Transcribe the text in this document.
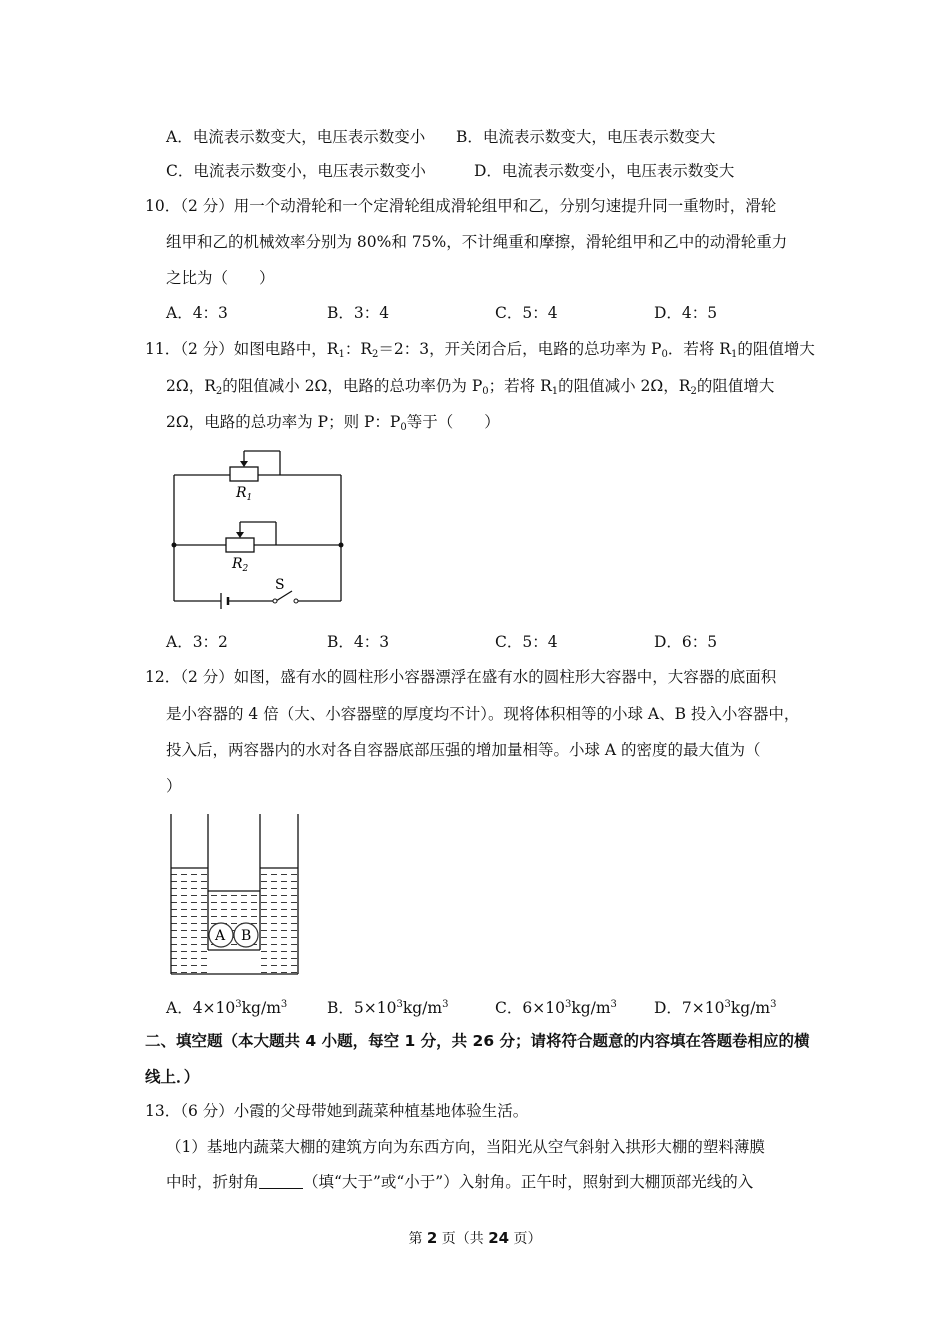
A．电流表示数变大，电压表示数变小 B．电流表示数变大，电压表示数变大
C．电流表示数变小，电压表示数变小	D．电流表示数变小，电压表示数变大
10．（2 分）用一个动滑轮和一个定滑轮组成滑轮组甲和乙，分别匀速提升同一重物时，滑轮
组甲和乙的机械效率分别为 80%和 75%，不计绳重和摩擦，滑轮组甲和乙中的动滑轮重力
之比为（　　）
A．4：3	B．3：4	C．5：4	D．4：5
11．（2 分）如图电路中，$R_1$：$R_2=2$：3，开关闭合后，电路的总功率为 $P_0$．若将 $R_1$的阻值增大
2Ω，$R_2$的阻值减小 2Ω，电路的总功率仍为 $P_0$；若将 $R_1$的阻值减小 2Ω，$R_2$的阻值增大
2Ω，电路的总功率为 P；则 P：$P_0$等于（　　）
$R_1$
$R_2$
S
A．3：2	B．4：3	C．5：4	D．6：5
12．（2 分）如图，盛有水的圆柱形小容器漂浮在盛有水的圆柱形大容器中，大容器的底面积
是小容器的 4 倍（大、小容器壁的厚度均不计）。现将体积相等的小球 A、B 投入小容器中，
投入后，两容器内的水对各自容器底部压强的增加量相等。小球 A 的密度的最大值为（
）
A B
A．$4\times 10^3kg/m^3$	B．$5\times 10^3kg/m^3$	C．$6\times 10^3kg/m^3$ D．$7\times 10^3kg/m^3$
二、填空题（本大题共 4 小题，每空 1 分，共 26 分；请将符合题意的内容填在答题卷相应的横
线上．）
13．（6 分）小霞的父母带她到蔬菜种植基地体验生活。
（1）基地内蔬菜大棚的建筑方向为东西方向，当阳光从空气斜射入拱形大棚的塑料薄膜
中时，折射角	（填“大于”或“小于”）入射角。正午时，照射到大棚顶部光线的入
第 2 页（共 24 页）
